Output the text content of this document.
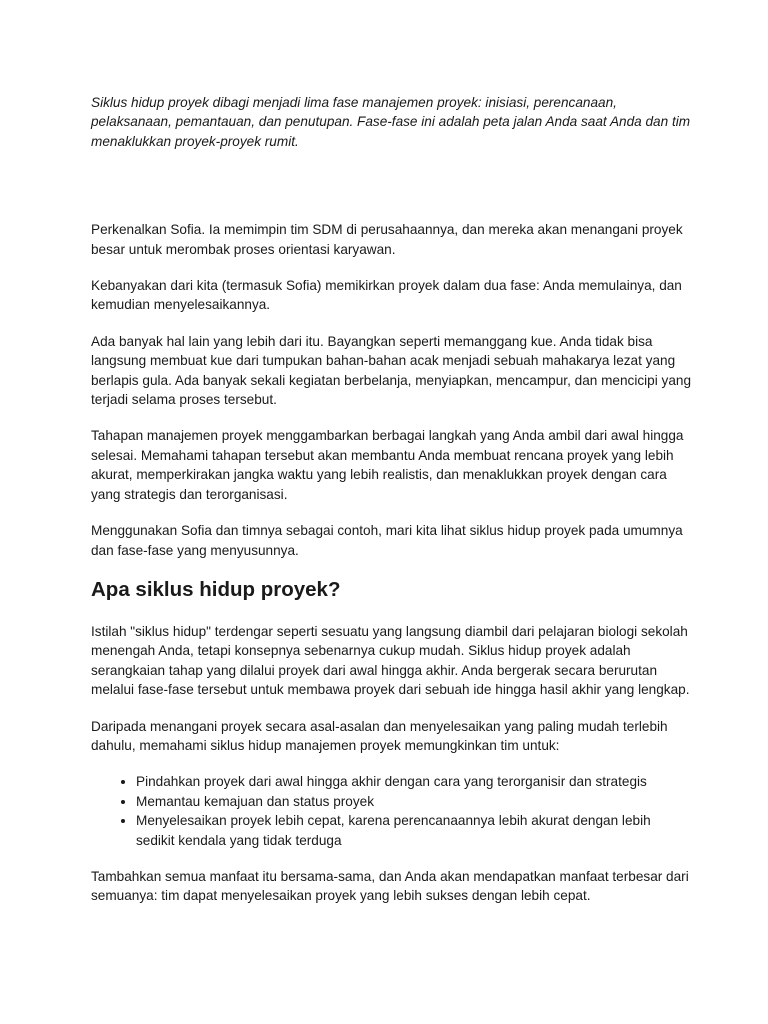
Siklus hidup proyek dibagi menjadi lima fase manajemen proyek: inisiasi, perencanaan, pelaksanaan, pemantauan, dan penutupan. Fase-fase ini adalah peta jalan Anda saat Anda dan tim menaklukkan proyek-proyek rumit.

Perkenalkan Sofia. Ia memimpin tim SDM di perusahaannya, dan mereka akan menangani proyek besar untuk merombak proses orientasi karyawan.

Kebanyakan dari kita (termasuk Sofia) memikirkan proyek dalam dua fase: Anda memulainya, dan kemudian menyelesaikannya.

Ada banyak hal lain yang lebih dari itu. Bayangkan seperti memanggang kue. Anda tidak bisa langsung membuat kue dari tumpukan bahan-bahan acak menjadi sebuah mahakarya lezat yang berlapis gula. Ada banyak sekali kegiatan berbelanja, menyiapkan, mencampur, dan mencicipi yang terjadi selama proses tersebut.

Tahapan manajemen proyek menggambarkan berbagai langkah yang Anda ambil dari awal hingga selesai. Memahami tahapan tersebut akan membantu Anda membuat rencana proyek yang lebih akurat, memperkirakan jangka waktu yang lebih realistis, dan menaklukkan proyek dengan cara yang strategis dan terorganisasi.

Menggunakan Sofia dan timnya sebagai contoh, mari kita lihat siklus hidup proyek pada umumnya dan fase-fase yang menyusunnya.

Apa siklus hidup proyek?

Istilah "siklus hidup" terdengar seperti sesuatu yang langsung diambil dari pelajaran biologi sekolah menengah Anda, tetapi konsepnya sebenarnya cukup mudah. Siklus hidup proyek adalah serangkaian tahap yang dilalui proyek dari awal hingga akhir. Anda bergerak secara berurutan melalui fase-fase tersebut untuk membawa proyek dari sebuah ide hingga hasil akhir yang lengkap.

Daripada menangani proyek secara asal-asalan dan menyelesaikan yang paling mudah terlebih dahulu, memahami siklus hidup manajemen proyek memungkinkan tim untuk:

• Pindahkan proyek dari awal hingga akhir dengan cara yang terorganisir dan strategis
• Memantau kemajuan dan status proyek
• Menyelesaikan proyek lebih cepat, karena perencanaannya lebih akurat dengan lebih sedikit kendala yang tidak terduga

Tambahkan semua manfaat itu bersama-sama, dan Anda akan mendapatkan manfaat terbesar dari semuanya: tim dapat menyelesaikan proyek yang lebih sukses dengan lebih cepat.
